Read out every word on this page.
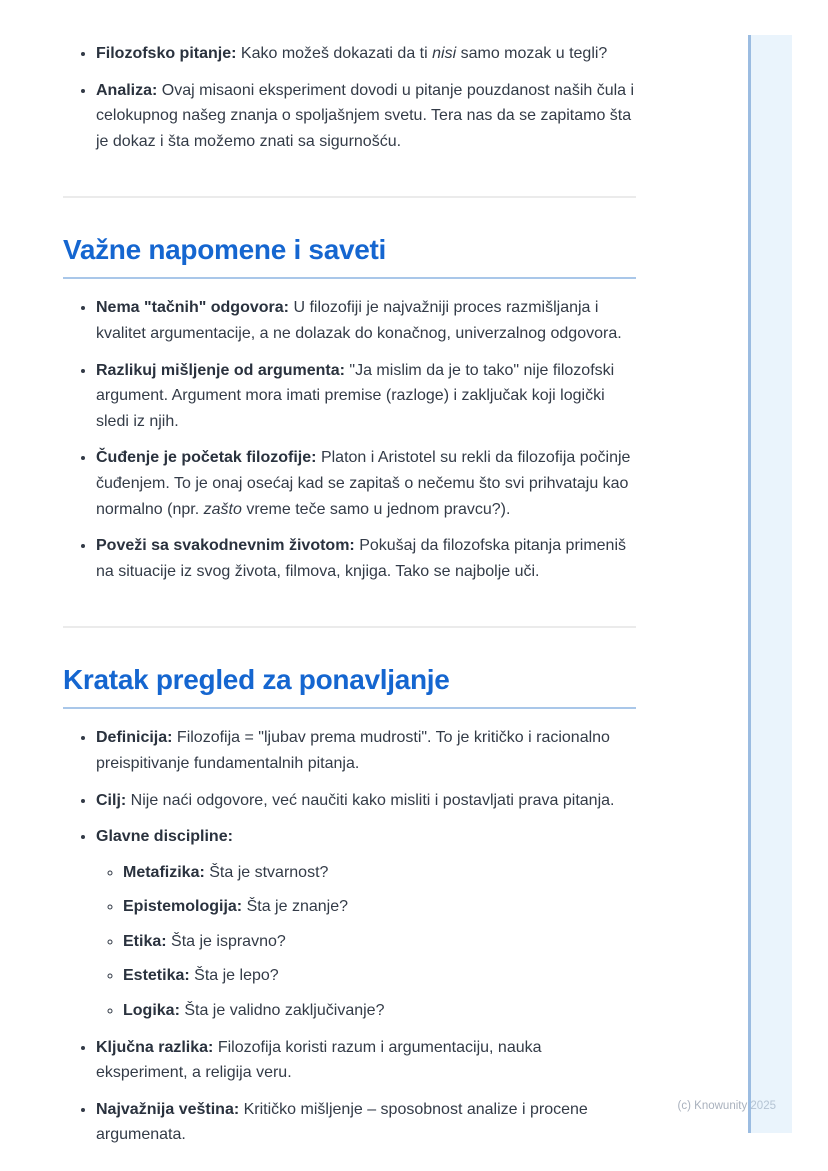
• Filozofsko pitanje: Kako možeš dokazati da ti nisi samo mozak u tegli?
• Analiza: Ovaj misaoni eksperiment dovodi u pitanje pouzdanost naših čula i celokupnog našeg znanja o spoljašnjem svetu. Tera nas da se zapitamo šta je dokaz i šta možemo znati sa sigurnošću.
Važne napomene i saveti
• Nema "tačnih" odgovora: U filozofiji je najvažniji proces razmišljanja i kvalitet argumentacije, a ne dolazak do konačnog, univerzalnog odgovora.
• Razlikuj mišljenje od argumenta: "Ja mislim da je to tako" nije filozofski argument. Argument mora imati premise (razloge) i zaključak koji logički sledi iz njih.
• Čuđenje je početak filozofije: Platon i Aristotel su rekli da filozofija počinje čuđenjem. To je onaj osećaj kad se zapitaš o nečemu što svi prihvataju kao normalno (npr. zašto vreme teče samo u jednom pravcu?).
• Poveži sa svakodnevnim životom: Pokušaj da filozofska pitanja primeniš na situacije iz svog života, filmova, knjiga. Tako se najbolje uči.
Kratak pregled za ponavljanje
• Definicija: Filozofija = "ljubav prema mudrosti". To je kritičko i racionalno preispitivanje fundamentalnih pitanja.
• Cilj: Nije naći odgovore, već naučiti kako misliti i postavljati prava pitanja.
• Glavne discipline:
◦ Metafizika: Šta je stvarnost?
◦ Epistemologija: Šta je znanje?
◦ Etika: Šta je ispravno?
◦ Estetika: Šta je lepo?
◦ Logika: Šta je validno zaključivanje?
• Ključna razlika: Filozofija koristi razum i argumentaciju, nauka eksperiment, a religija veru.
• Najvažnija veština: Kritičko mišljenje – sposobnost analize i procene argumenata.
(c) Knowunity 2025
